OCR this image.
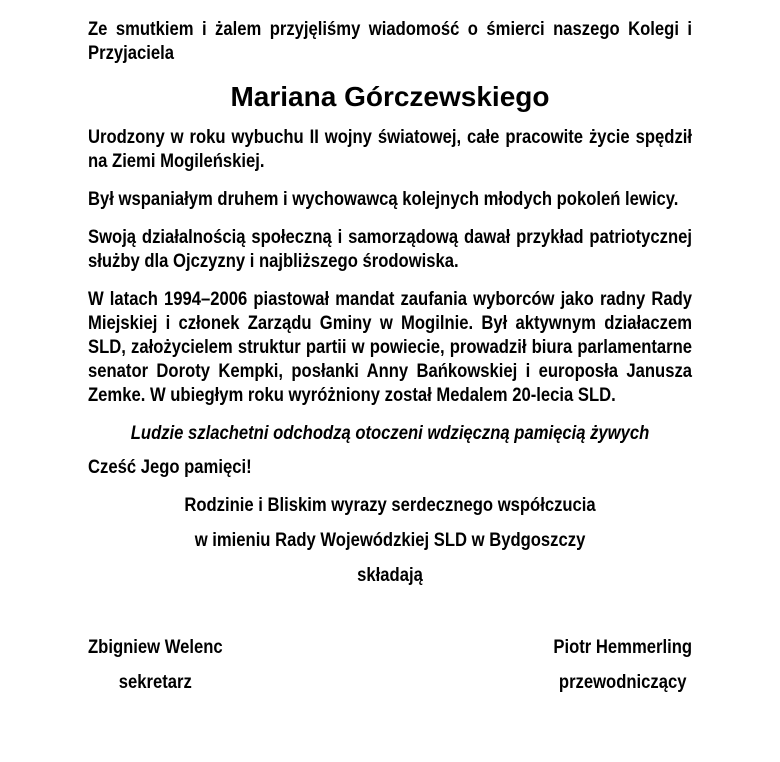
Ze smutkiem i żalem przyjęliśmy wiadomość o śmierci naszego Kolegi i Przyjaciela

Mariana Górczewskiego

Urodzony w roku wybuchu II wojny światowej, całe pracowite życie spędził na Ziemi Mogileńskiej.

Był wspaniałym druhem i wychowawcą kolejnych młodych pokoleń lewicy.

Swoją działalnością społeczną i samorządową dawał przykład patriotycznej służby dla Ojczyzny i najbliższego środowiska.

W latach 1994–2006 piastował mandat zaufania wyborców jako radny Rady Miejskiej i członek Zarządu Gminy w Mogilnie. Był aktywnym działaczem SLD, założycielem struktur partii w powiecie, prowadził biura parlamentarne senator Doroty Kempki, posłanki Anny Bańkowskiej i europosła Janusza Zemke. W ubiegłym roku wyróżniony został Medalem 20-lecia SLD.

Ludzie szlachetni odchodzą otoczeni wdzięczną pamięcią żywych

Cześć Jego pamięci!

Rodzinie i Bliskim wyrazy serdecznego współczucia

w imieniu Rady Wojewódzkiej SLD w Bydgoszczy

składają

Zbigniew Welenc
sekretarz
Piotr Hemmerling
przewodniczący
